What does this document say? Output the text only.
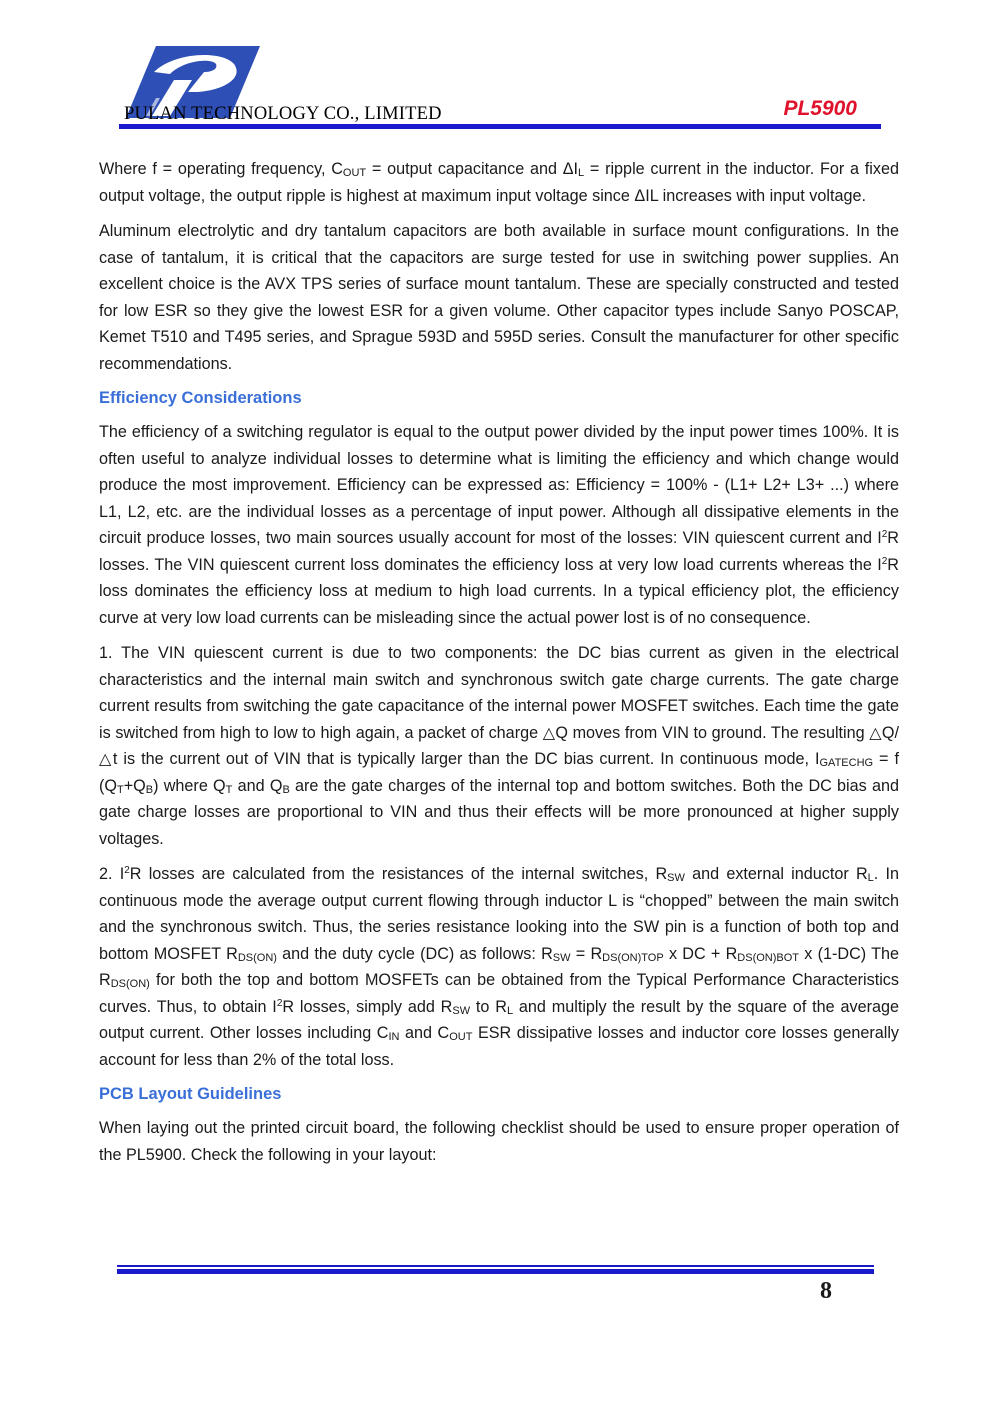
PULAN TECHNOLOGY CO., LIMITED	PL5900

Where f = operating frequency, $C_{OUT}$ = output capacitance and $\Delta I_L$ = ripple current in the inductor. For a fixed output voltage, the output ripple is highest at maximum input voltage since ΔIL increases with input voltage.

Aluminum electrolytic and dry tantalum capacitors are both available in surface mount configurations. In the case of tantalum, it is critical that the capacitors are surge tested for use in switching power supplies. An excellent choice is the AVX TPS series of surface mount tantalum. These are specially constructed and tested for low ESR so they give the lowest ESR for a given volume. Other capacitor types include Sanyo POSCAP, Kemet T510 and T495 series, and Sprague 593D and 595D series. Consult the manufacturer for other specific recommendations.

Efficiency Considerations

The efficiency of a switching regulator is equal to the output power divided by the input power times 100%. It is often useful to analyze individual losses to determine what is limiting the efficiency and which change would produce the most improvement. Efficiency can be expressed as: Efficiency = 100% - (L1+ L2+ L3+ ...) where L1, L2, etc. are the individual losses as a percentage of input power. Although all dissipative elements in the circuit produce losses, two main sources usually account for most of the losses: VIN quiescent current and $I^2R$ losses. The VIN quiescent current loss dominates the efficiency loss at very low load currents whereas the $I^2R$ loss dominates the efficiency loss at medium to high load currents. In a typical efficiency plot, the efficiency curve at very low load currents can be misleading since the actual power lost is of no consequence.

1. The VIN quiescent current is due to two components: the DC bias current as given in the electrical characteristics and the internal main switch and synchronous switch gate charge currents. The gate charge current results from switching the gate capacitance of the internal power MOSFET switches. Each time the gate is switched from high to low to high again, a packet of charge △Q moves from VIN to ground. The resulting △Q/△t is the current out of VIN that is typically larger than the DC bias current. In continuous mode, $I_{GATECHG} = f$ $(Q_T+Q_B)$ where $Q_T$ and $Q_B$ are the gate charges of the internal top and bottom switches. Both the DC bias and gate charge losses are proportional to VIN and thus their effects will be more pronounced at higher supply voltages.

2. $I^2R$ losses are calculated from the resistances of the internal switches, $R_{SW}$ and external inductor $R_L$. In continuous mode the average output current flowing through inductor L is “chopped” between the main switch and the synchronous switch. Thus, the series resistance looking into the SW pin is a function of both top and bottom MOSFET $R_{DS(ON)}$ and the duty cycle (DC) as follows: $R_{SW} = R_{DS(ON)TOP}$ x DC + $R_{DS(ON)BOT}$ x (1-DC) The $R_{DS(ON)}$ for both the top and bottom MOSFETs can be obtained from the Typical Performance Characteristics curves. Thus, to obtain $I^2R$ losses, simply add $R_{SW}$ to $R_L$ and multiply the result by the square of the average output current. Other losses including $C_{IN}$ and $C_{OUT}$ ESR dissipative losses and inductor core losses generally account for less than 2% of the total loss.

PCB Layout Guidelines

When laying out the printed circuit board, the following checklist should be used to ensure proper operation of the PL5900. Check the following in your layout:

8
